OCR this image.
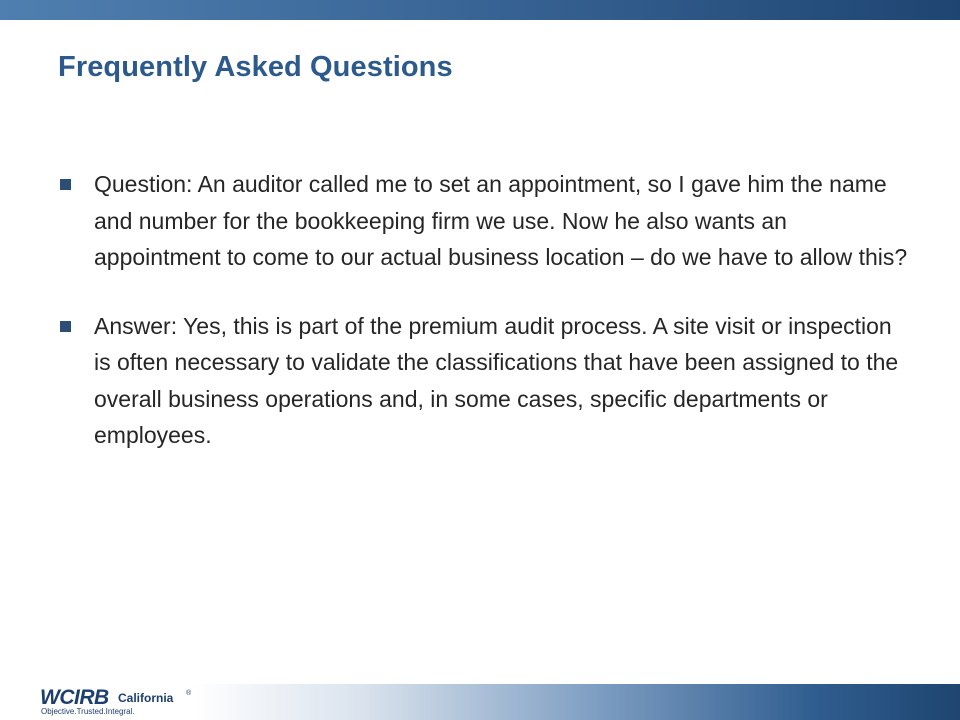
Frequently Asked Questions
Question: An auditor called me to set an appointment, so I gave him the name and number for the bookkeeping firm we use. Now he also wants an appointment to come to our actual business location – do we have to allow this?
Answer: Yes, this is part of the premium audit process. A site visit or inspection is often necessary to validate the classifications that have been assigned to the overall business operations and, in some cases, specific departments or employees.
WCIRB California ®
Objective.Trusted.Integral.
